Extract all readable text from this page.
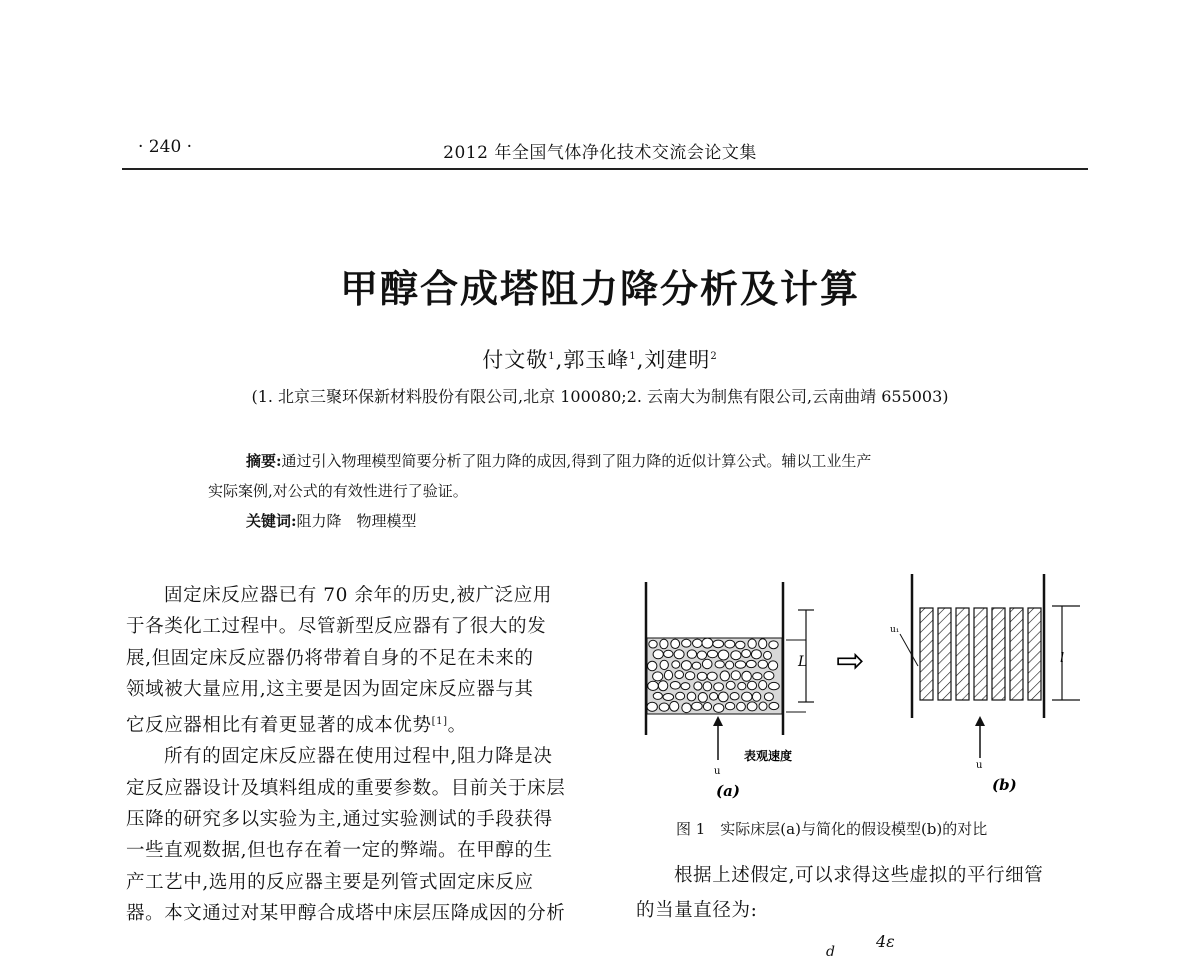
· 240 ·	2012 年全国气体净化技术交流会论文集
甲醇合成塔阻力降分析及计算
付文敬$^1$,郭玉峰$^1$,刘建明$^2$
(1. 北京三聚环保新材料股份有限公司,北京 100080;2. 云南大为制焦有限公司,云南曲靖 655003)
摘要:通过引入物理模型简要分析了阻力降的成因,得到了阻力降的近似计算公式。辅以工业生产
实际案例,对公式的有效性进行了验证。
关键词:阻力降　物理模型
固定床反应器已有 70 余年的历史,被广泛应用
于各类化工过程中。尽管新型反应器有了很大的发
展,但固定床反应器仍将带着自身的不足在未来的
领域被大量应用,这主要是因为固定床反应器与其
它反应器相比有着更显著的成本优势[1]。
所有的固定床反应器在使用过程中,阻力降是决
定反应器设计及填料组成的重要参数。目前关于床层
压降的研究多以实验为主,通过实验测试的手段获得
一些直观数据,但也存在着一定的弊端。在甲醇的生
产工艺中,选用的反应器主要是列管式固定床反应
器。本文通过对某甲醇合成塔中床层压降成因的分析
L
u
表观速度
(a)
⇨	l
u₁
u
(b)
图 1　实际床层(a)与简化的假设模型(b)的对比
根据上述假定,可以求得这些虚拟的平行细管
的当量直径为:
4ε
d
